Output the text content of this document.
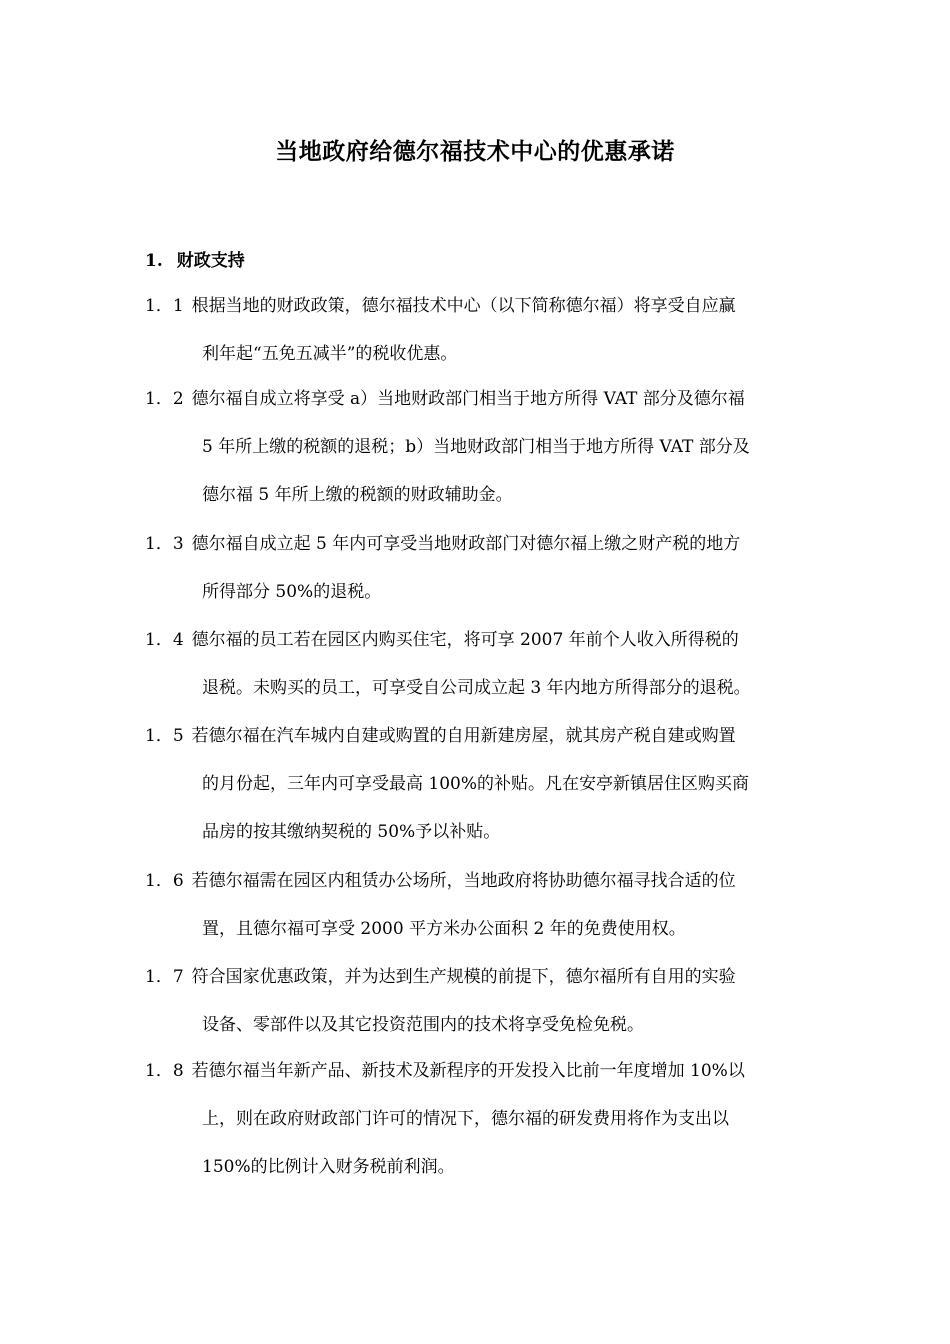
当地政府给德尔福技术中心的优惠承诺
1. 财政支持
1．1 根据当地的财政政策，德尔福技术中心（以下简称德尔福）将享受自应赢
利年起“五免五减半”的税收优惠。
1．2 德尔福自成立将享受 a）当地财政部门相当于地方所得 VAT 部分及德尔福
5 年所上缴的税额的退税；b）当地财政部门相当于地方所得 VAT 部分及
德尔福 5 年所上缴的税额的财政辅助金。
1．3 德尔福自成立起 5 年内可享受当地财政部门对德尔福上缴之财产税的地方
所得部分 50%的退税。
1．4 德尔福的员工若在园区内购买住宅，将可享 2007 年前个人收入所得税的
退税。未购买的员工，可享受自公司成立起 3 年内地方所得部分的退税。
1．5 若德尔福在汽车城内自建或购置的自用新建房屋，就其房产税自建或购置
的月份起，三年内可享受最高 100%的补贴。凡在安亭新镇居住区购买商
品房的按其缴纳契税的 50%予以补贴。
1．6 若德尔福需在园区内租赁办公场所，当地政府将协助德尔福寻找合适的位
置，且德尔福可享受 2000 平方米办公面积 2 年的免费使用权。
1．7 符合国家优惠政策，并为达到生产规模的前提下，德尔福所有自用的实验
设备、零部件以及其它投资范围内的技术将享受免检免税。
1．8 若德尔福当年新产品、新技术及新程序的开发投入比前一年度增加 10%以
上，则在政府财政部门许可的情况下，德尔福的研发费用将作为支出以
150%的比例计入财务税前利润。
